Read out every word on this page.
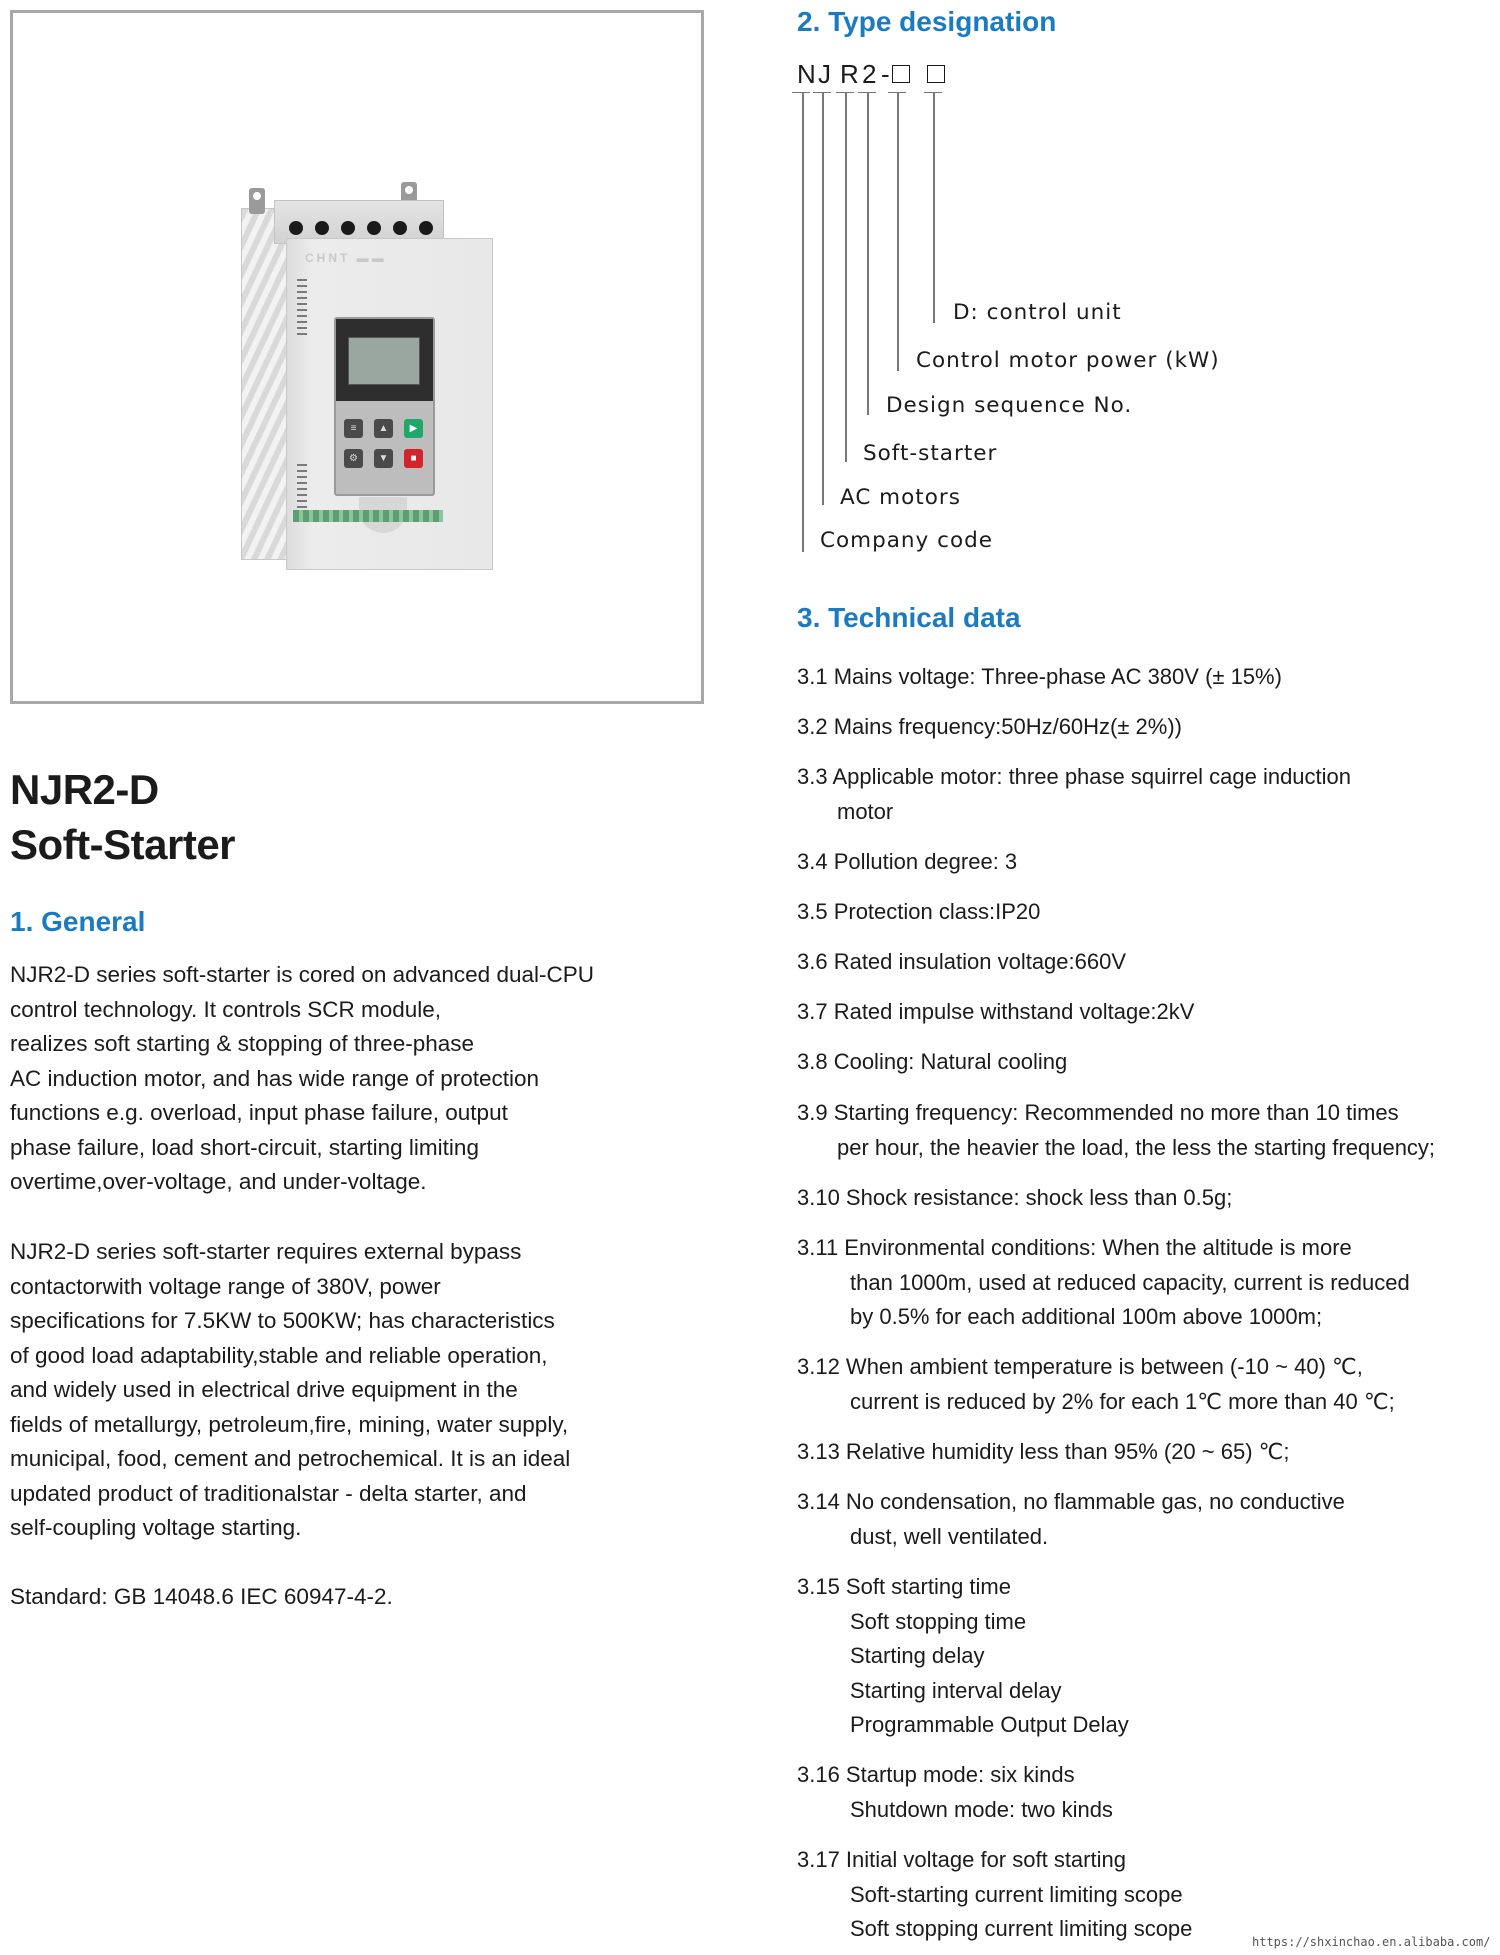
CHNT ▬▬
≡	▲	▶
⚙	▼	■
NJR2-D
Soft-Starter
1. General
NJR2-D series soft-starter is cored on advanced dual-CPU
control technology. It controls SCR module,
realizes soft starting & stopping of three-phase
AC induction motor, and has wide range of protection
functions e.g. overload, input phase failure, output
phase failure, load short-circuit, starting limiting
overtime,over-voltage, and under-voltage.
NJR2-D series soft-starter requires external bypass
contactorwith voltage range of 380V, power
specifications for 7.5KW to 500KW; has characteristics
of good load adaptability,stable and reliable operation,
and widely used in electrical drive equipment in the
fields of metallurgy, petroleum,fire, mining, water supply,
municipal, food, cement and petrochemical. It is an ideal
updated product of traditionalstar - delta starter, and
self-coupling voltage starting.
Standard: GB 14048.6 IEC 60947-4-2.
2. Type designation
N J R 2 -
D: control unit
Control motor power (kW)
Design sequence No.
Soft-starter
AC motors
Company code
3. Technical data
3.1 Mains voltage: Three-phase AC 380V (± 15%)
3.2 Mains frequency:50Hz/60Hz(± 2%))
3.3 Applicable motor: three phase squirrel cage induction
motor
3.4 Pollution degree: 3
3.5 Protection class:IP20
3.6 Rated insulation voltage:660V
3.7 Rated impulse withstand voltage:2kV
3.8 Cooling: Natural cooling
3.9 Starting frequency: Recommended no more than 10 times
per hour, the heavier the load, the less the starting frequency;
3.10 Shock resistance: shock less than 0.5g;
3.11 Environmental conditions: When the altitude is more
than 1000m, used at reduced capacity, current is reduced
by 0.5% for each additional 100m above 1000m;
3.12 When ambient temperature is between (-10 ~ 40) ℃,
current is reduced by 2% for each 1℃ more than 40 ℃;
3.13 Relative humidity less than 95% (20 ~ 65) ℃;
3.14 No condensation, no flammable gas, no conductive
dust, well ventilated.
3.15 Soft starting time
Soft stopping time
Starting delay
Starting interval delay
Programmable Output Delay
3.16 Startup mode: six kinds
Shutdown mode: two kinds
3.17 Initial voltage for soft starting
Soft-starting current limiting scope
Soft stopping current limiting scope
https://shxinchao.en.alibaba.com/
